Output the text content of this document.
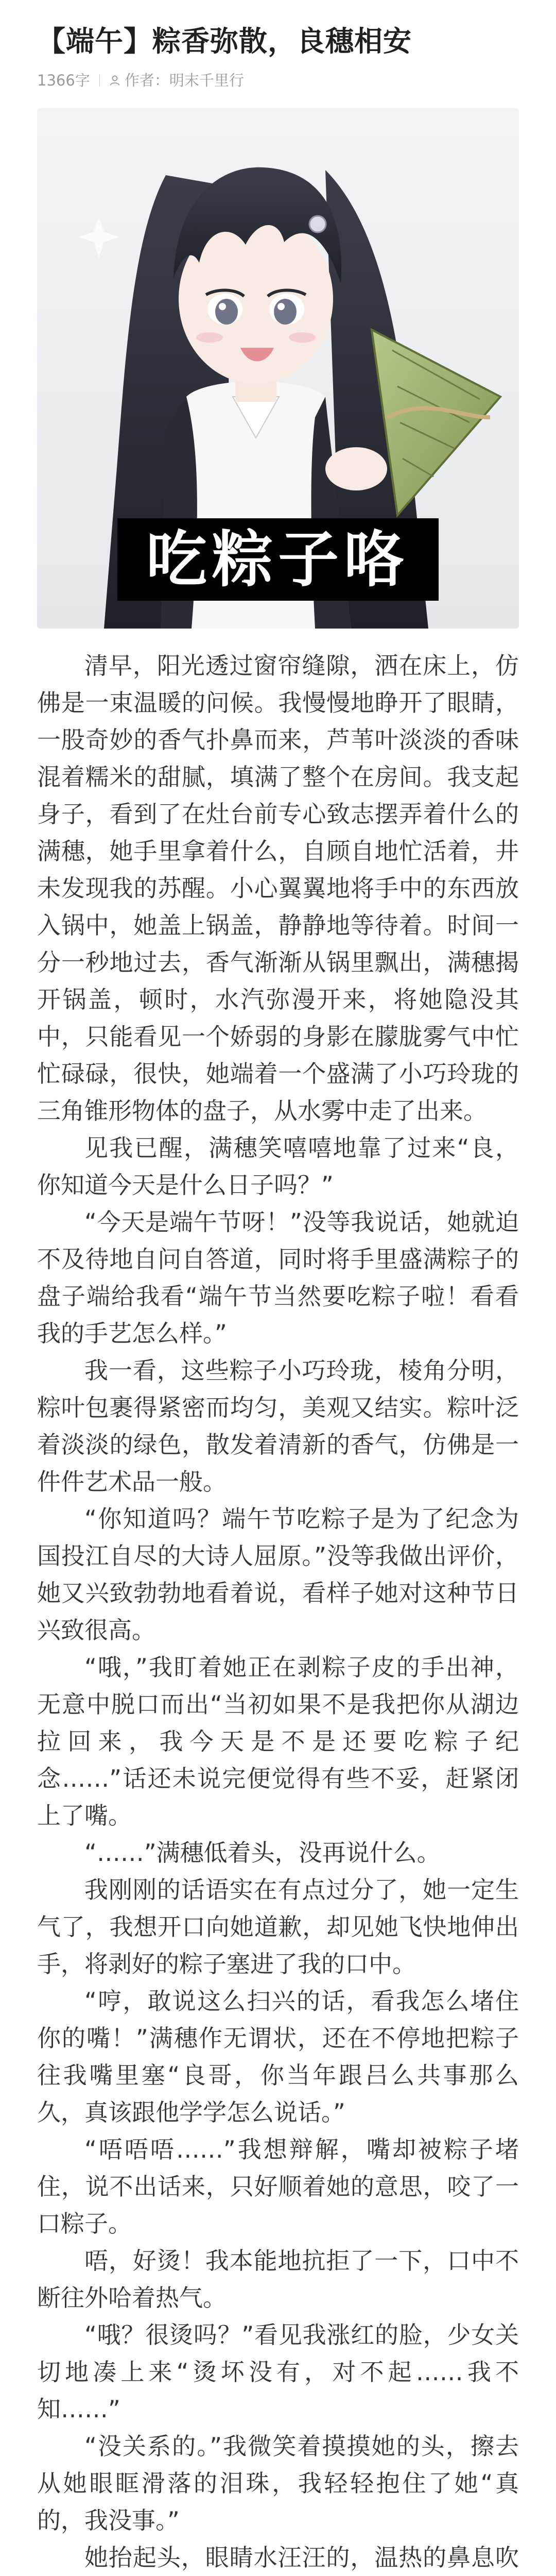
【端午】粽香弥散，良穗相安
1366字 作者：明末千里行
吃粽子咯

清早，阳光透过窗帘缝隙，洒在床上，仿佛是一束温暖的问候。我慢慢地睁开了眼睛，一股奇妙的香气扑鼻而来，芦苇叶淡淡的香味混着糯米的甜腻，填满了整个在房间。我支起身子，看到了在灶台前专心致志摆弄着什么的满穗，她手里拿着什么，自顾自地忙活着，井未发现我的苏醒。小心翼翼地将手中的东西放入锅中，她盖上锅盖，静静地等待着。时间一分一秒地过去，香气渐渐从锅里飘出，满穗揭开锅盖，顿时，水汽弥漫开来，将她隐没其中，只能看见一个娇弱的身影在朦胧雾气中忙忙碌碌，很快，她端着一个盛满了小巧玲珑的三角锥形物体的盘子，从水雾中走了出来。

见我已醒，满穗笑嘻嘻地靠了过来“良，你知道今天是什么日子吗？”

“今天是端午节呀！”没等我说话，她就迫不及待地自问自答道，同时将手里盛满粽子的盘子端给我看“端午节当然要吃粽子啦！看看我的手艺怎么样。”

我一看，这些粽子小巧玲珑，棱角分明，粽叶包裹得紧密而均匀，美观又结实。粽叶泛着淡淡的绿色，散发着清新的香气，仿佛是一件件艺术品一般。

“你知道吗？端午节吃粽子是为了纪念为国投江自尽的大诗人屈原。”没等我做出评价，她又兴致勃勃地看着说，看样子她对这种节日兴致很高。

“哦，”我盯着她正在剥粽子皮的手出神，无意中脱口而出“当初如果不是我把你从湖边拉回来，我今天是不是还要吃粽子纪念……”话还未说完便觉得有些不妥，赶紧闭上了嘴。

“……”满穗低着头，没再说什么。

我刚刚的话语实在有点过分了，她一定生气了，我想开口向她道歉，却见她飞快地伸出手，将剥好的粽子塞进了我的口中。

“哼，敢说这么扫兴的话，看我怎么堵住你的嘴！”满穗作无谓状，还在不停地把粽子往我嘴里塞“良哥，你当年跟吕么共事那么久，真该跟他学学怎么说话。”

“唔唔唔……”我想辩解，嘴却被粽子堵住，说不出话来，只好顺着她的意思，咬了一口粽子。

唔，好烫！我本能地抗拒了一下，口中不断往外哈着热气。

“哦？很烫吗？”看见我涨红的脸，少女关切地凑上来“烫坏没有，对不起……我不知……”

“没关系的。”我微笑着摸摸她的头，擦去从她眼眶滑落的泪珠，我轻轻抱住了她“真的，我没事。”

她抬起头，眼睛水汪汪的，温热的鼻息吹
